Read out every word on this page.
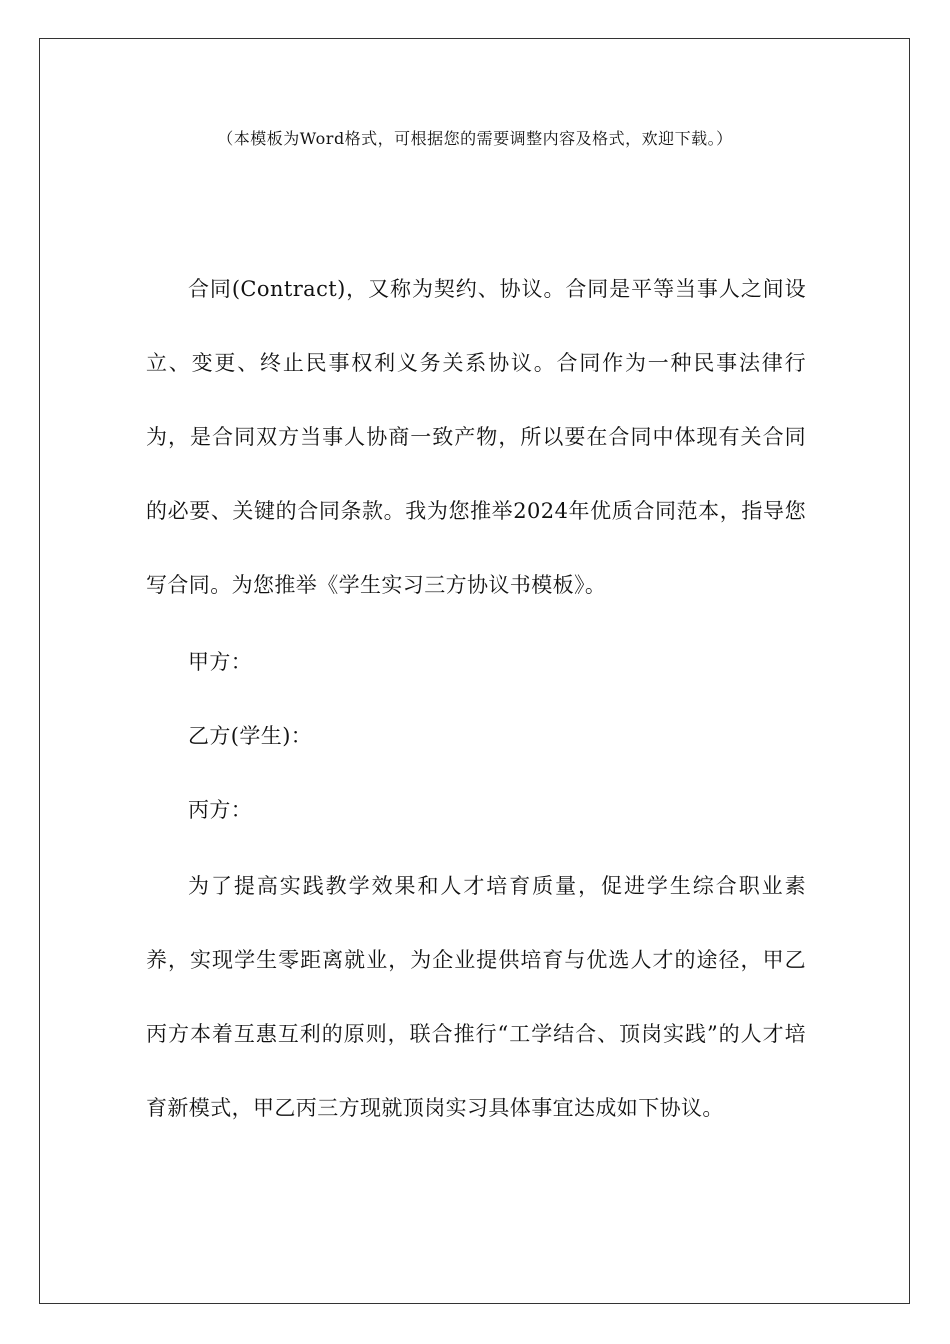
（本模板为Word格式，可根据您的需要调整内容及格式，欢迎下载。）

合同(Contract)，又称为契约、协议。合同是平等当事人之间设立、变更、终止民事权利义务关系协议。合同作为一种民事法律行为，是合同双方当事人协商一致产物，所以要在合同中体现有关合同的必要、关键的合同条款。我为您推举2024年优质合同范本，指导您写合同。为您推举《学生实习三方协议书模板》。

甲方：

乙方(学生)：

丙方：

为了提高实践教学效果和人才培育质量，促进学生综合职业素养，实现学生零距离就业，为企业提供培育与优选人才的途径，甲乙丙方本着互惠互利的原则，联合推行“工学结合、顶岗实践”的人才培育新模式，甲乙丙三方现就顶岗实习具体事宜达成如下协议。
